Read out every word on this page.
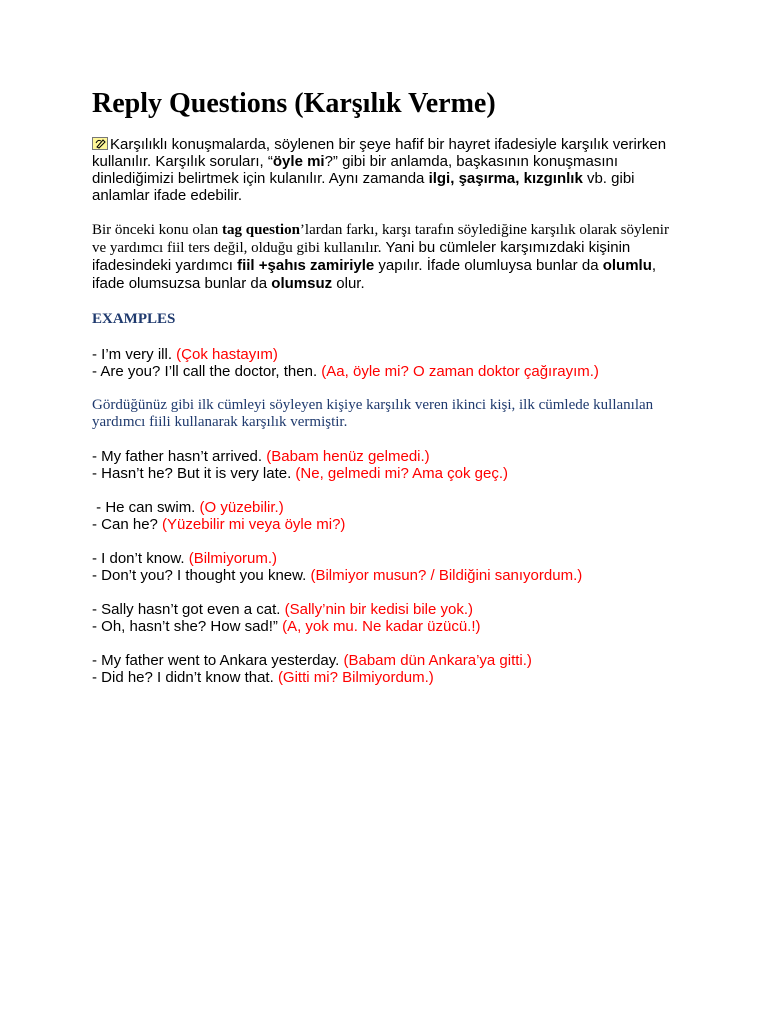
Reply Questions (Karşılık Verme)

Karşılıklı konuşmalarda, söylenen bir şeye hafif bir hayret ifadesiyle karşılık verirken kullanılır. Karşılık soruları, “öyle mi?” gibi bir anlamda, başkasının konuşmasını dinlediğimizi belirtmek için kulanılır. Aynı zamanda ilgi, şaşırma, kızgınlık vb. gibi anlamlar ifade edebilir.

Bir önceki konu olan tag question’lardan farkı, karşı tarafın söylediğine karşılık olarak söylenir ve yardımcı fiil ters değil, olduğu gibi kullanılır. Yani bu cümleler karşımızdaki kişinin ifadesindeki yardımcı fiil +şahıs zamiriyle yapılır. İfade olumluysa bunlar da olumlu, ifade olumsuzsa bunlar da olumsuz olur.

EXAMPLES
- I’m very ill. (Çok hastayım)
- Are you? I’ll call the doctor, then. (Aa, öyle mi? O zaman doktor çağırayım.)

Gördüğünüz gibi ilk cümleyi söyleyen kişiye karşılık veren ikinci kişi, ilk cümlede kullanılan yardımcı fiili kullanarak karşılık vermiştir.

- My father hasn’t arrived. (Babam henüz gelmedi.)
- Hasn’t he? But it is very late. (Ne, gelmedi mi? Ama çok geç.)
- He can swim. (O yüzebilir.)
- Can he? (Yüzebilir mi veya öyle mi?)
- I don’t know. (Bilmiyorum.)
- Don’t you? I thought you knew. (Bilmiyor musun? / Bildiğini sanıyordum.)
- Sally hasn’t got even a cat. (Sally’nin bir kedisi bile yok.)
- Oh, hasn’t she? How sad!” (A, yok mu. Ne kadar üzücü.!)
- My father went to Ankara yesterday. (Babam dün Ankara’ya gitti.)
- Did he? I didn’t know that. (Gitti mi? Bilmiyordum.)
